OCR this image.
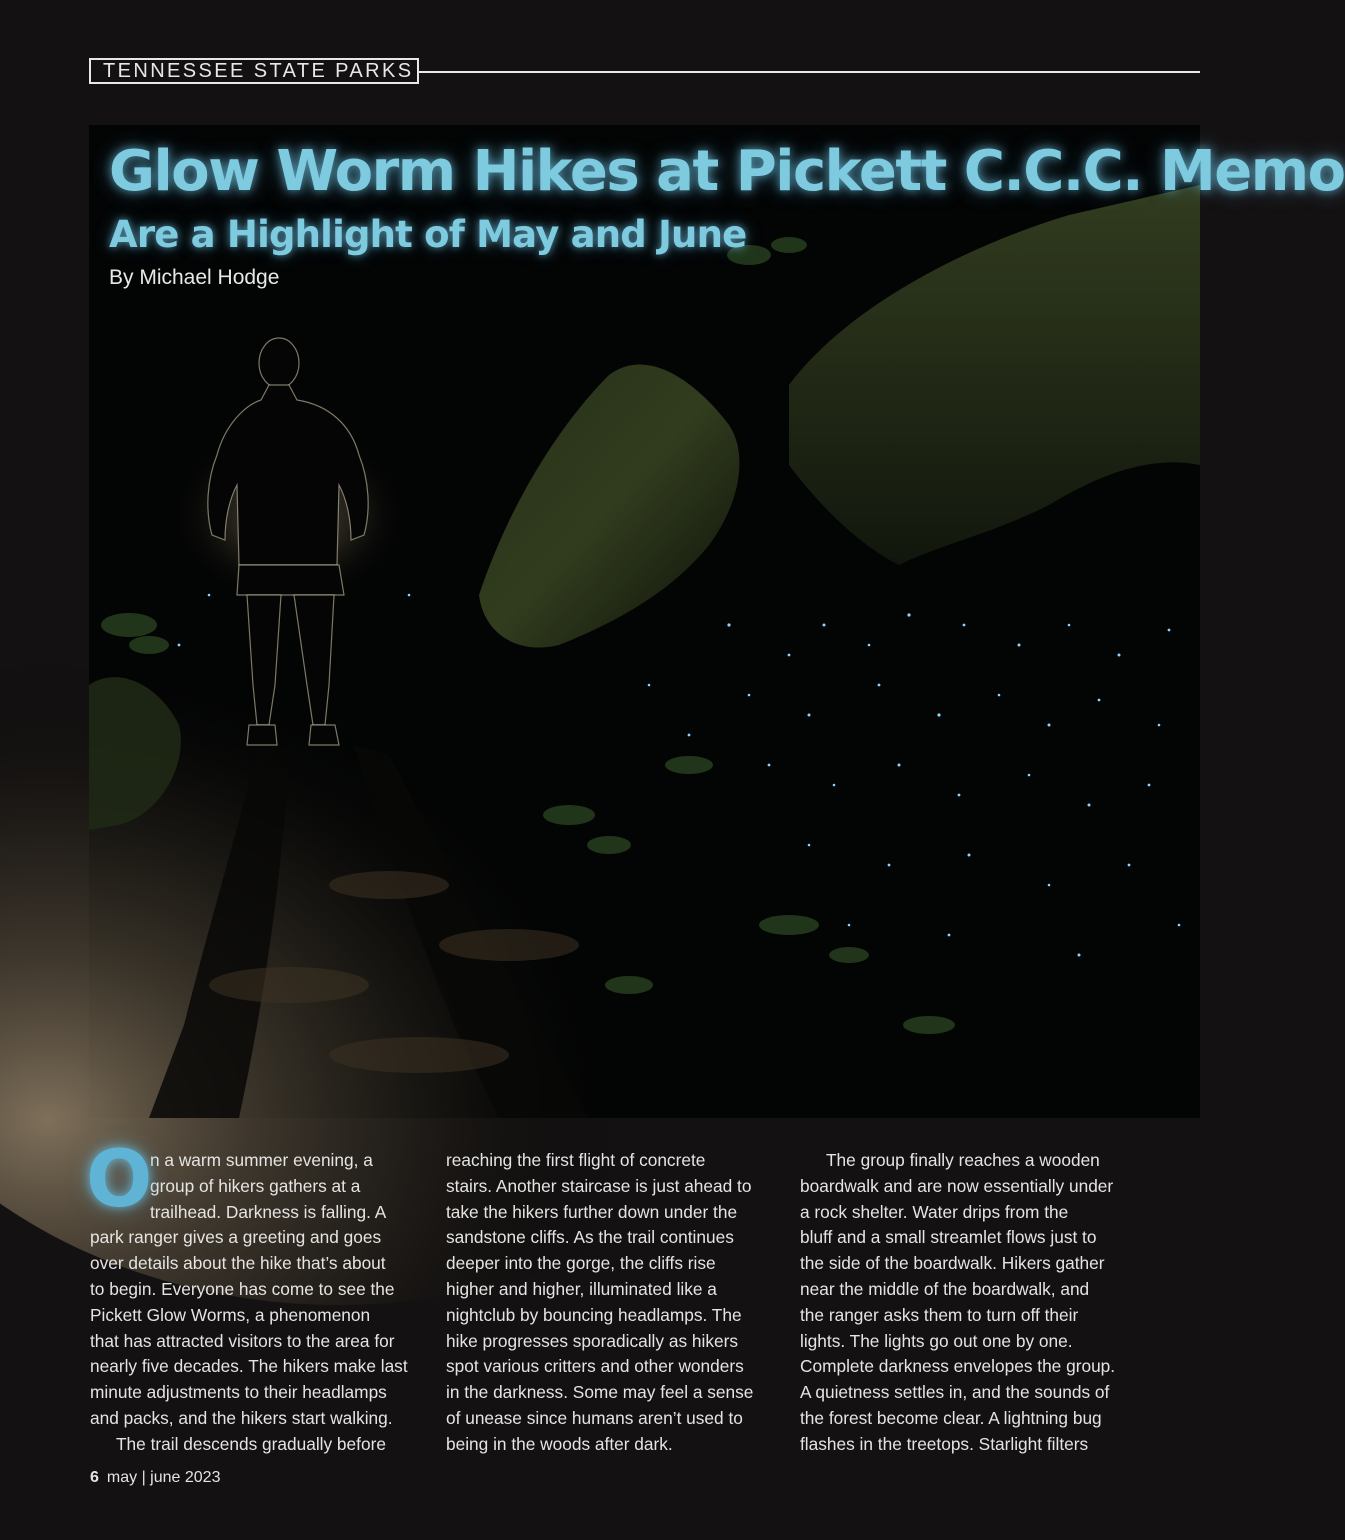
TENNESSEE STATE PARKS
Glow Worm Hikes at Pickett C.C.C. Memo
Are a Highlight of May and June
By Michael Hodge
O

n a warm summer evening, a

group of hikers gathers at a

trailhead. Darkness is falling. A

park ranger gives a greeting and goes

over details about the hike that’s about

to begin. Everyone has come to see the

Pickett Glow Worms, a phenomenon

that has attracted visitors to the area for

nearly five decades. The hikers make last

minute adjustments to their headlamps

and packs, and the hikers start walking.

The trail descends gradually before

reaching the first flight of concrete

stairs. Another staircase is just ahead to

take the hikers further down under the

sandstone cliffs. As the trail continues

deeper into the gorge, the cliffs rise

higher and higher, illuminated like a

nightclub by bouncing headlamps. The

hike progresses sporadically as hikers

spot various critters and other wonders

in the darkness. Some may feel a sense

of unease since humans aren’t used to

being in the woods after dark.

The group finally reaches a wooden

boardwalk and are now essentially under

a rock shelter. Water drips from the

bluff and a small streamlet flows just to

the side of the boardwalk. Hikers gather

near the middle of the boardwalk, and

the ranger asks them to turn off their

lights. The lights go out one by one.

Complete darkness envelopes the group.

A quietness settles in, and the sounds of

the forest become clear. A lightning bug

flashes in the treetops. Starlight filters

6 may | june 2023
